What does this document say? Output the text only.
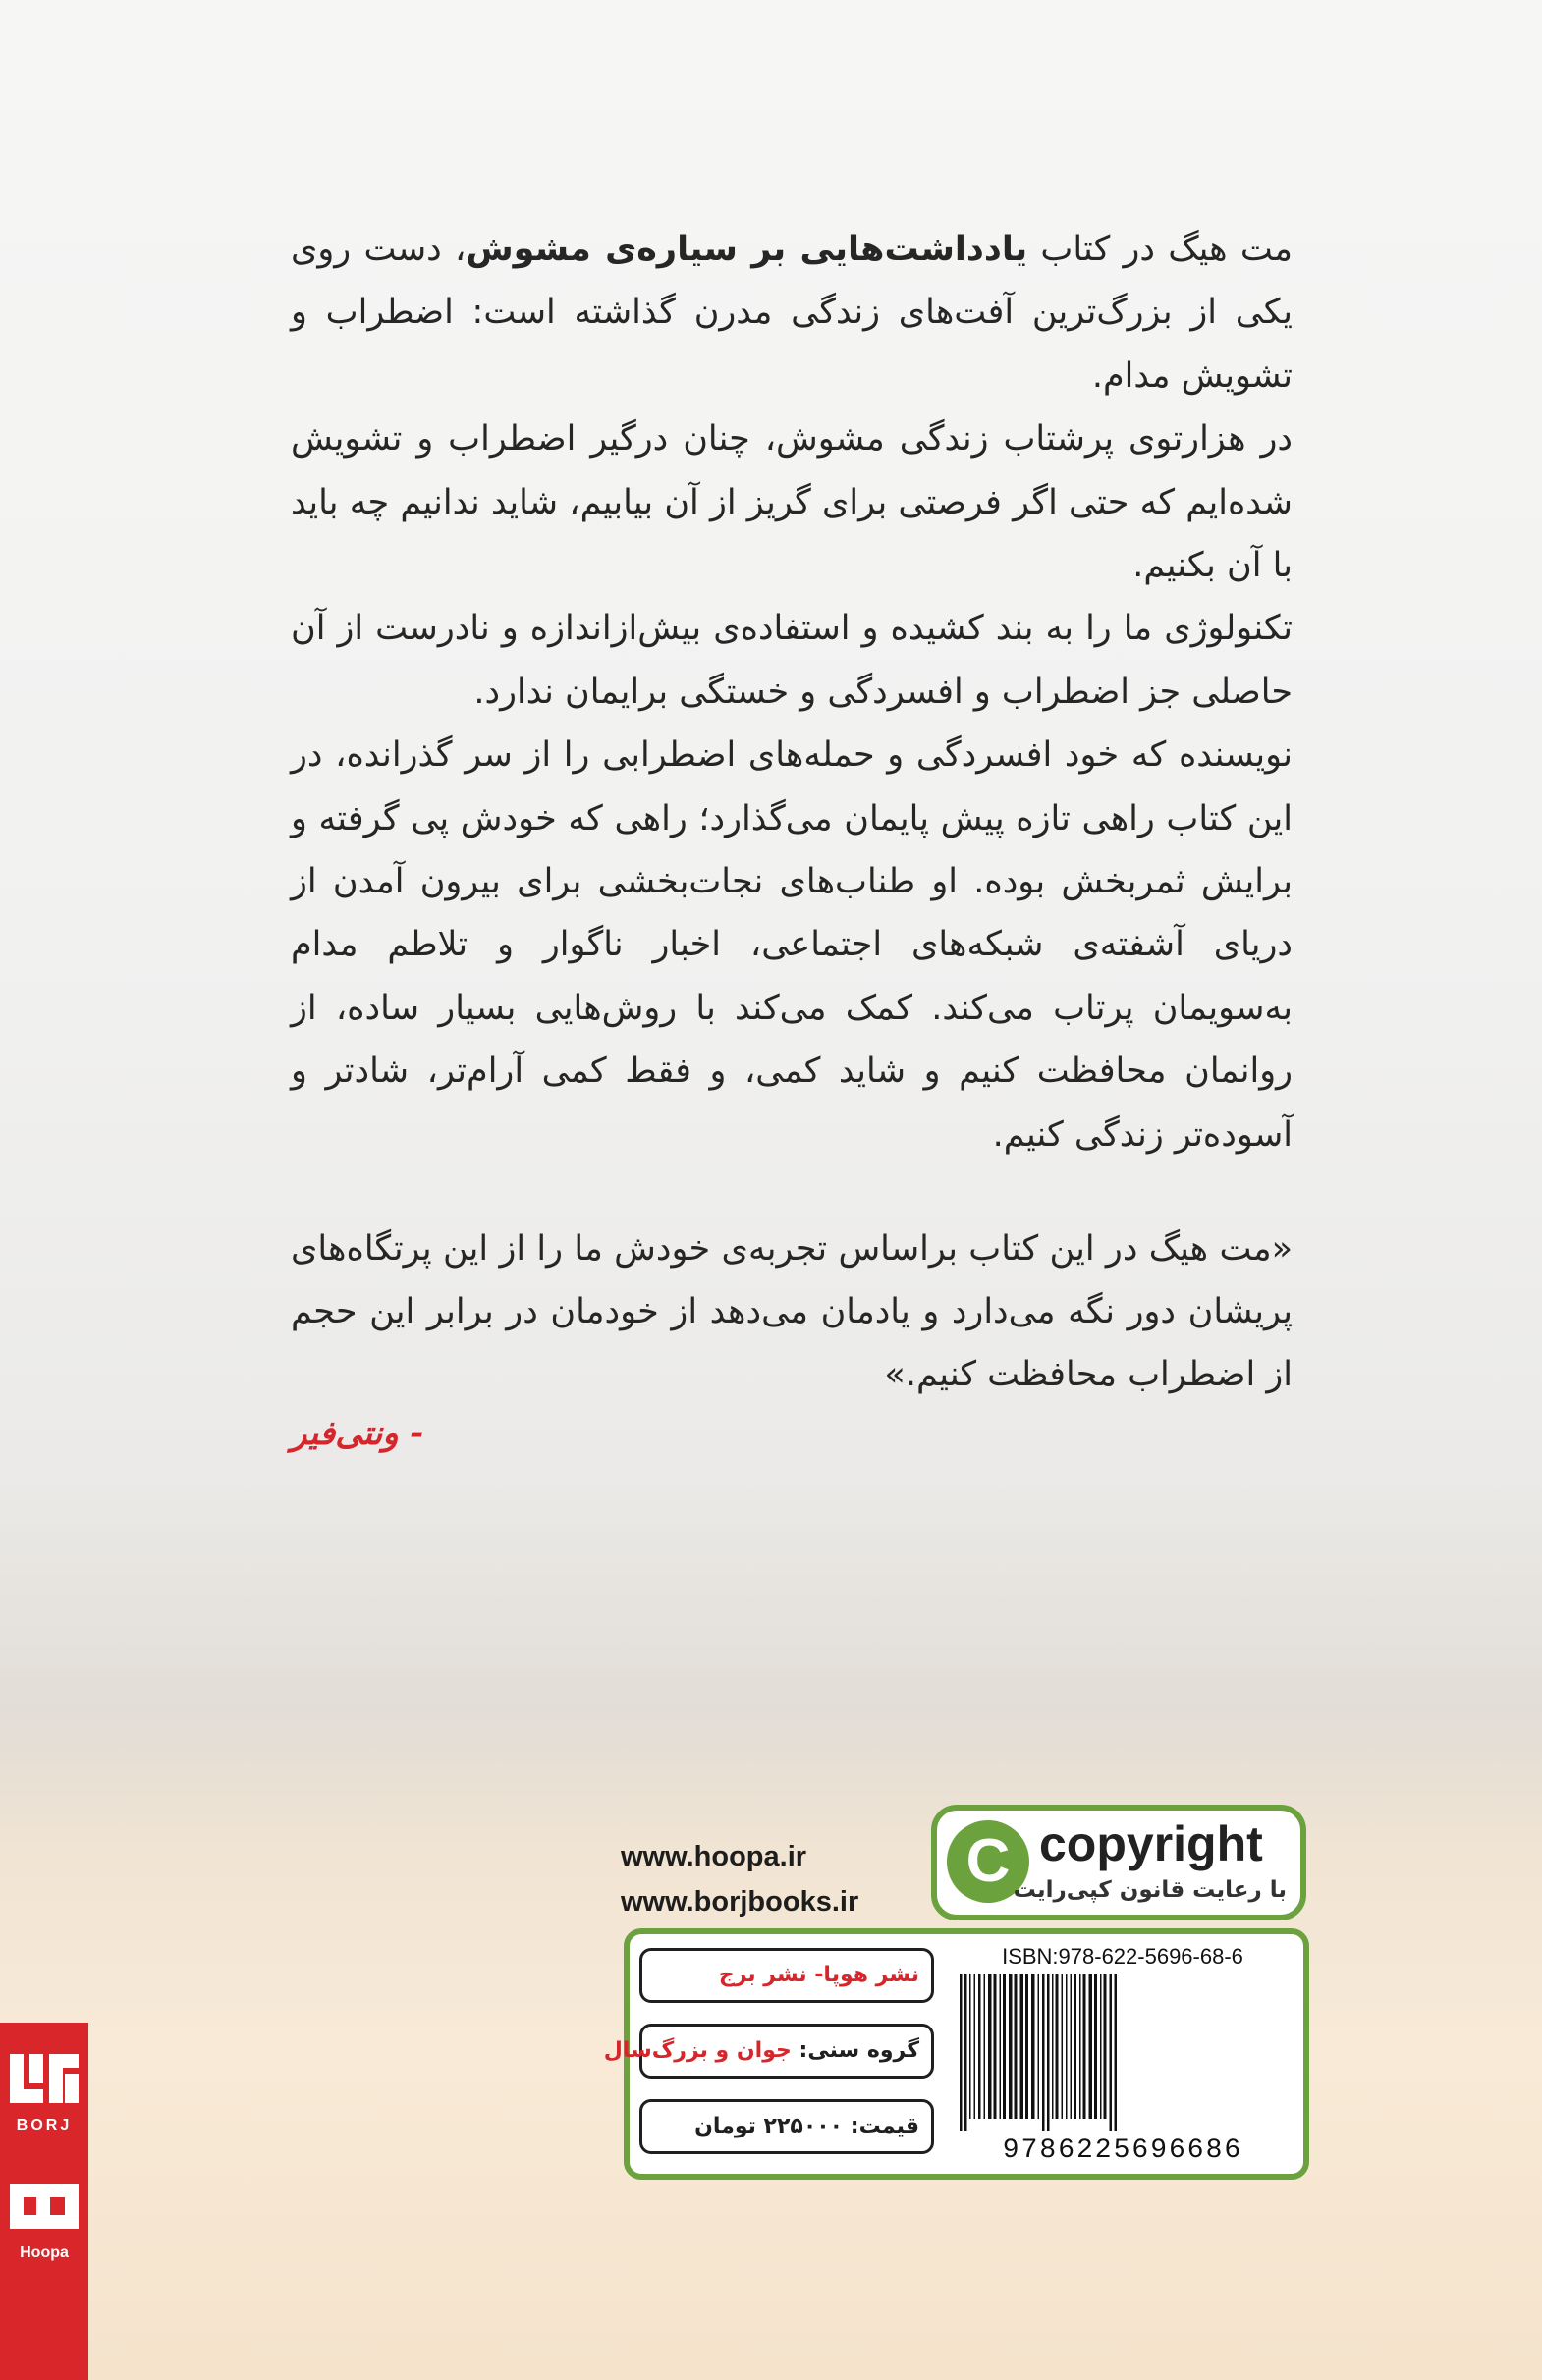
مت هیگ در کتاب یادداشت‌هایی بر سیاره‌ی مشوش، دست روی یکی از بزرگ‌ترین آفت‌های زندگی مدرن گذاشته است: اضطراب و تشویش مدام.

در هزارتوی پرشتاب زندگی مشوش، چنان درگیر اضطراب و تشویش شده‌ایم که حتی اگر فرصتی برای گریز از آن بیابیم، شاید ندانیم چه باید با آن بکنیم.

تکنولوژی ما را به بند کشیده و استفاده‌ی بیش‌ازاندازه و نادرست از آن حاصلی جز اضطراب و افسردگی و خستگی برایمان ندارد.

نویسنده که خود افسردگی و حمله‌های اضطرابی را از سر گذرانده، در این کتاب راهی تازه پیش پایمان می‌گذارد؛ راهی که خودش پی گرفته و برایش ثمربخش بوده. او طناب‌های نجات‌بخشی برای بیرون آمدن از دریای آشفته‌ی شبکه‌های اجتماعی، اخبار ناگوار و تلاطم مدام به‌سویمان پرتاب می‌کند. کمک می‌کند با روش‌هایی بسیار ساده، از روانمان محافظت کنیم و شاید کمی، و فقط کمی آرام‌تر، شادتر و آسوده‌تر زندگی کنیم.

«مت هیگ در این کتاب براساس تجربه‌ی خودش ما را از این پرتگاه‌های پریشان دور نگه می‌دارد و یادمان می‌دهد از خودمان در برابر این حجم از اضطراب محافظت کنیم.»

- ونتی‌فیر
www.hoopa.ir
www.borjbooks.ir
C copyright
با رعایت قانون کپی‌رایت
نشر هوپا- نشر برج
گروه سنی: جوان و بزرگ‌سال
قیمت: ۲۲۵۰۰۰ تومان
ISBN:978-622-5696-68-6
9786225696686
BORJ
Hoopa
